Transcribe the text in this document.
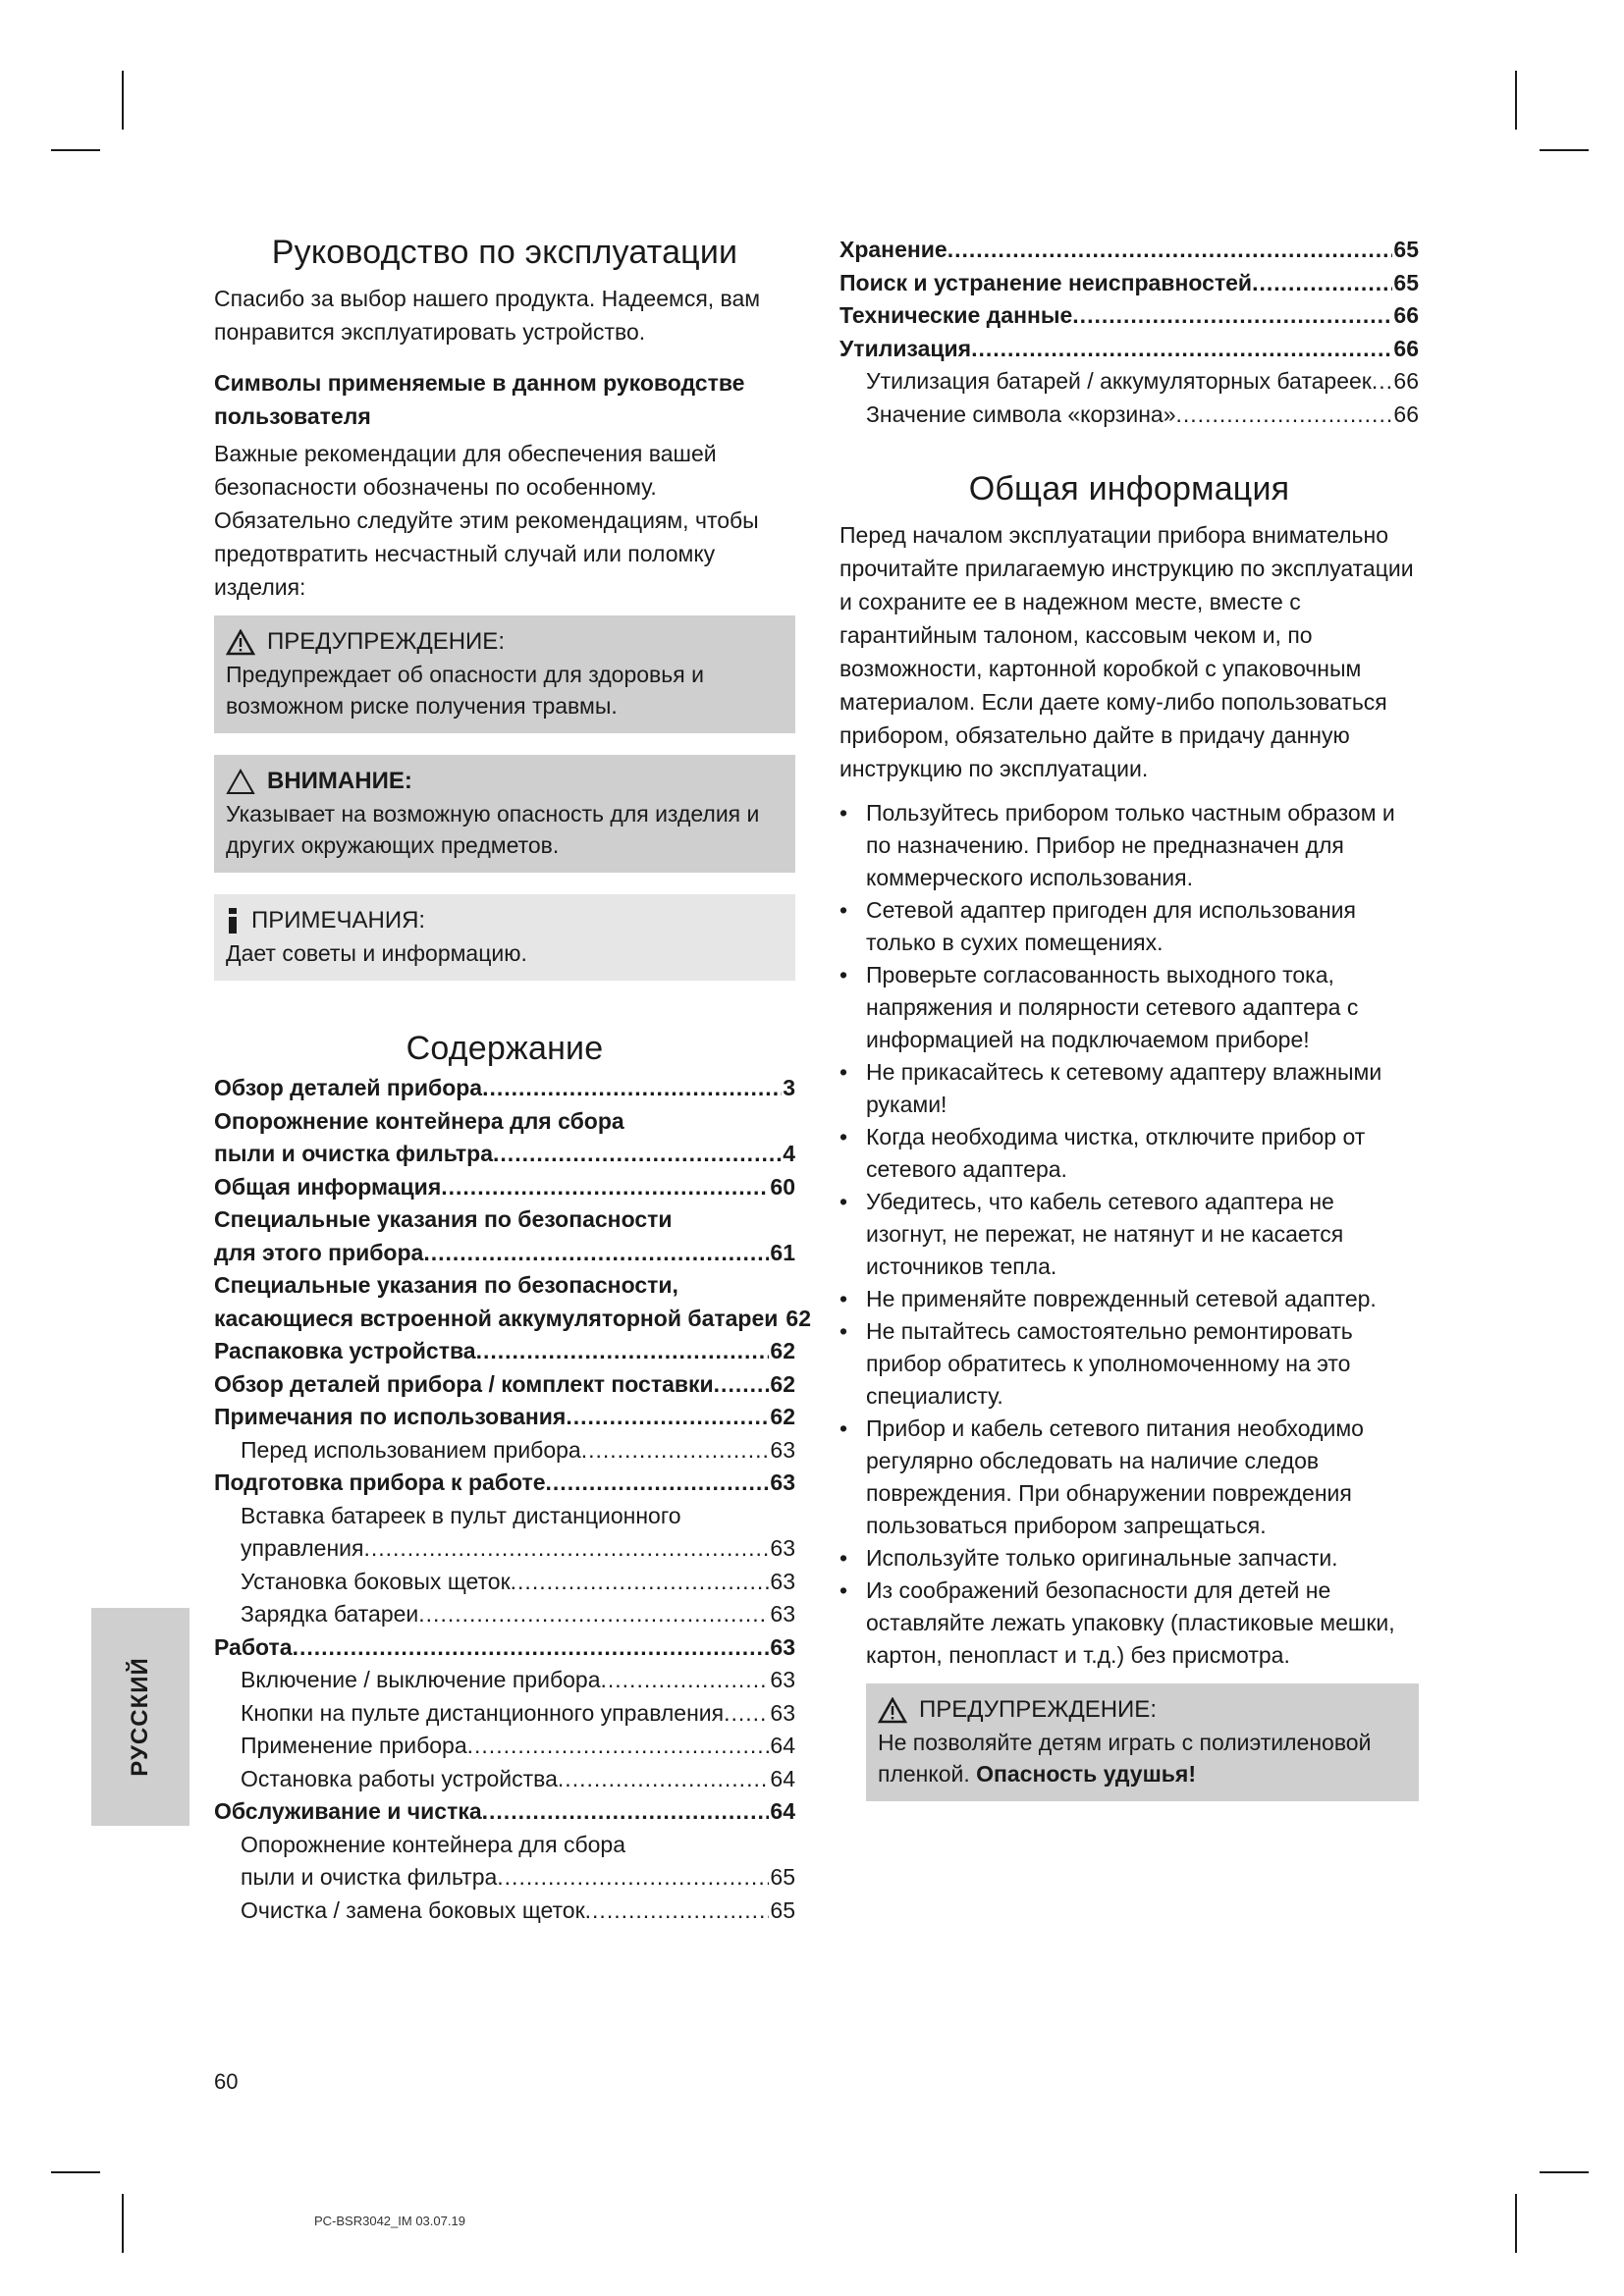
Руководство по эксплуатации

Спасибо за выбор нашего продукта. Надеемся, вам понравится эксплуатировать устройство.

Символы применяемые в данном руководстве пользователя

Важные рекомендации для обеспечения вашей безопасности обозначены по особенному. Обязательно следуйте этим рекомендациям, чтобы предотвратить несчастный случай или поломку изделия:

ПРЕДУПРЕЖДЕНИЕ:

Предупреждает об опасности для здоровья и возможном риске получения травмы.

ВНИМАНИЕ:

Указывает на возможную опасность для изделия и других окружающих предметов.

ПРИМЕЧАНИЯ:

Дает советы и информацию.

Содержание
Обзор деталей прибора .....	3
Опорожнение контейнера для сбора
пыли и очистка фильтра .....	4
Общая информация .....	60
Специальные указания по безопасности
для этого прибора .....	61
Специальные указания по безопасности,
касающиеся встроенной аккумуляторной батареи 62
Распаковка устройства .....	62
Обзор деталей прибора / комплект поставки .....	62
Примечания по использования .....	62
Перед использованием прибора .....	63
Подготовка прибора к работе .....	63
Вставка батареек в пульт дистанционного
управления .....	63
Установка боковых щеток .....	63
Зарядка батареи .....	63
Работа .....	63
Включение / выключение прибора .....	63
Кнопки на пульте дистанционного управления ..... 63
Применение прибора .....	64
Остановка работы устройства .....	64
Обслуживание и чистка .....	64
Опорожнение контейнера для сбора
пыли и очистка фильтра .....	65
Очистка / замена боковых щеток .....	65
Хранение .....	65
Поиск и устранение неисправностей .....	65
Технические данные .....	66
Утилизация .....	66
Утилизация батарей / аккумуляторных батареек ..... 66
Значение символа «корзина» .....	66
Общая информация

Перед началом эксплуатации прибора внимательно прочитайте прилагаемую инструкцию по эксплуатации и сохраните ее в надежном месте, вместе с гарантийным талоном, кассовым чеком и, по возможности, картонной коробкой с упаковочным материалом. Если даете кому-либо попользоваться прибором, обязательно дайте в придачу данную инструкцию по эксплуатации.

• Пользуйтесь прибором только частным образом и по назначению. Прибор не предназначен для коммерческого использования.
• Сетевой адаптер пригоден для использования только в сухих помещениях.
• Проверьте согласованность выходного тока, напряжения и полярности сетевого адаптера с информацией на подключаемом приборе!
• Не прикасайтесь к сетевому адаптеру влажными руками!
• Когда необходима чистка, отключите прибор от сетевого адаптера.
• Убедитесь, что кабель сетевого адаптера не изогнут, не пережат, не натянут и не касается источников тепла.
• Не применяйте поврежденный сетевой адаптер.
• Не пытайтесь самостоятельно ремонтировать прибор обратитесь к уполномоченному на это специалисту.
• Прибор и кабель сетевого питания необходимо регулярно обследовать на наличие следов повреждения. При обнаружении повреждения пользоваться прибором запрещаться.
• Используйте только оригинальные запчасти.
• Из соображений безопасности для детей не оставляйте лежать упаковку (пластиковые мешки, картон, пенопласт и т.д.) без присмотра.
ПРЕДУПРЕЖДЕНИЕ:

Не позволяйте детям играть с полиэтиленовой пленкой. Опасность удушья!

РУССКИЙ
60
PC-BSR3042_IM 03.07.19
